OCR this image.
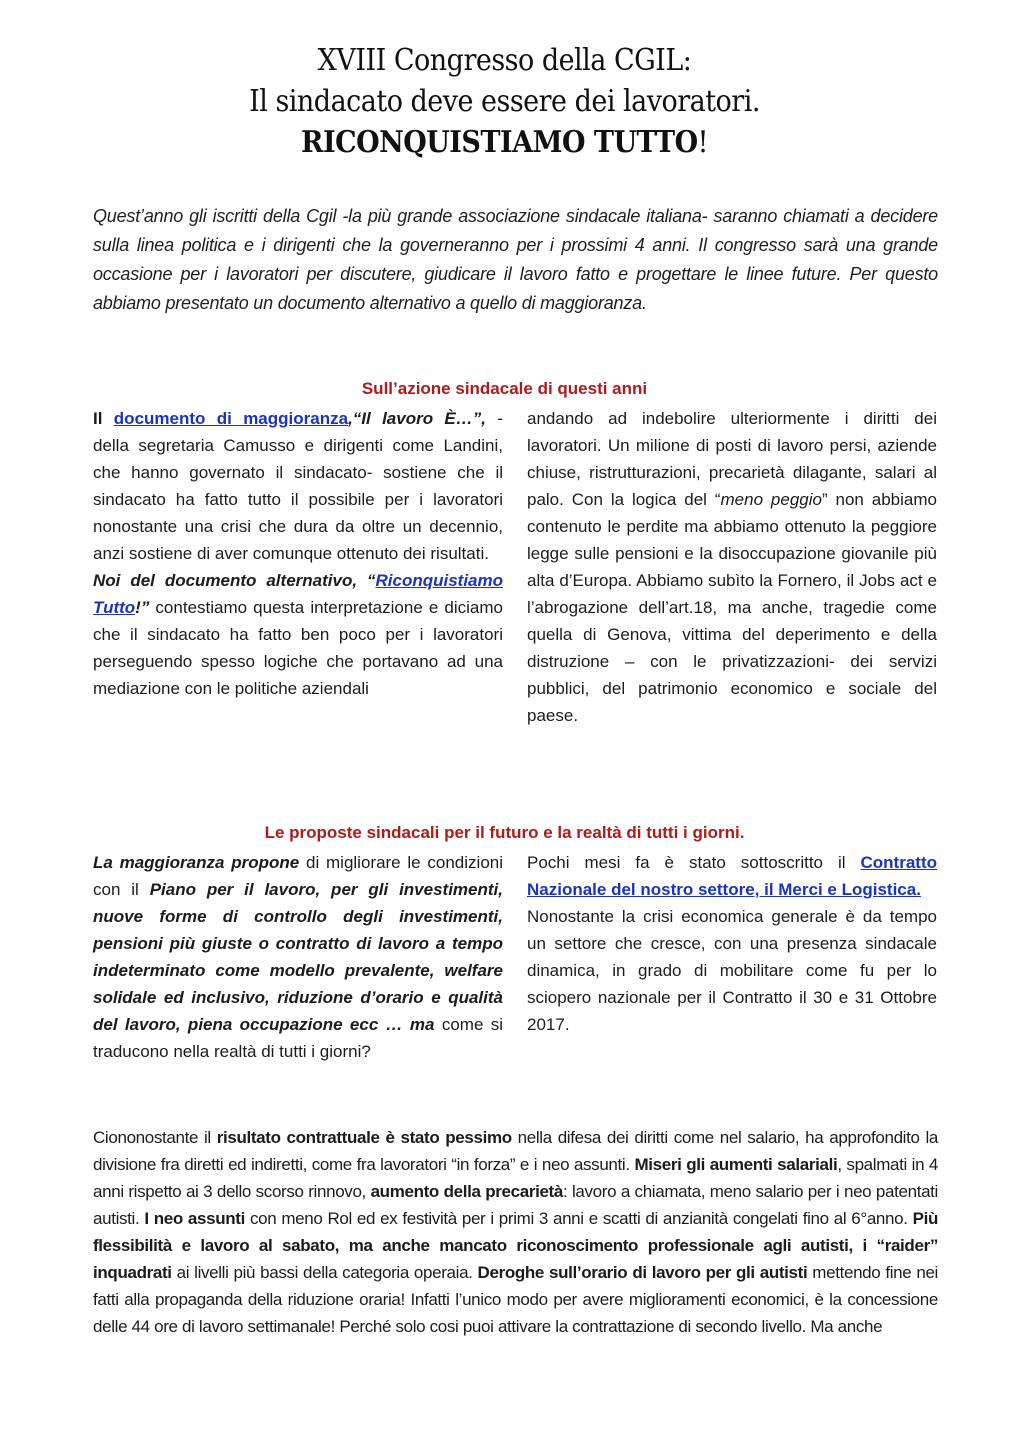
XVIII Congresso della CGIL:
Il sindacato deve essere dei lavoratori.
RICONQUISTIAMO TUTTO!
Quest’anno gli iscritti della Cgil -la più grande associazione sindacale italiana- saranno chiamati a decidere sulla linea politica e i dirigenti che la governeranno per i prossimi 4 anni. Il congresso sarà una grande occasione per i lavoratori per discutere, giudicare il lavoro fatto e progettare le linee future. Per questo abbiamo presentato un documento alternativo a quello di maggioranza.
Sull’azione sindacale di questi anni

Il documento di maggioranza,“Il lavoro È…”, - della segretaria Camusso e dirigenti come Landini, che hanno governato il sindacato- sostiene che il sindacato ha fatto tutto il possibile per i lavoratori nonostante una crisi che dura da oltre un decennio, anzi sostiene di aver comunque ottenuto dei risultati.

Noi del documento alternativo, “Riconquistiamo Tutto!” contestiamo questa interpretazione e diciamo che il sindacato ha fatto ben poco per i lavoratori perseguendo spesso logiche che portavano ad una mediazione con le politiche aziendali

andando ad indebolire ulteriormente i diritti dei lavoratori. Un milione di posti di lavoro persi, aziende chiuse, ristrutturazioni, precarietà dilagante, salari al palo. Con la logica del “meno peggio” non abbiamo contenuto le perdite ma abbiamo ottenuto la peggiore legge sulle pensioni e la disoccupazione giovanile più alta d’Europa. Abbiamo subìto la Fornero, il Jobs act e l’abrogazione dell’art.18, ma anche, tragedie come quella di Genova, vittima del deperimento e della distruzione – con le privatizzazioni- dei servizi pubblici, del patrimonio economico e sociale del paese.

Le proposte sindacali per il futuro e la realtà di tutti i giorni.

La maggioranza propone di migliorare le condizioni con il Piano per il lavoro, per gli investimenti, nuove forme di controllo degli investimenti, pensioni più giuste o contratto di lavoro a tempo indeterminato come modello prevalente, welfare solidale ed inclusivo, riduzione d’orario e qualità del lavoro, piena occupazione ecc … ma come si traducono nella realtà di tutti i giorni?

Pochi mesi fa è stato sottoscritto il Contratto Nazionale del nostro settore, il Merci e Logistica.

Nonostante la crisi economica generale è da tempo un settore che cresce, con una presenza sindacale dinamica, in grado di mobilitare come fu per lo sciopero nazionale per il Contratto il 30 e 31 Ottobre 2017.

Ciononostante il risultato contrattuale è stato pessimo nella difesa dei diritti come nel salario, ha approfondito la divisione fra diretti ed indiretti, come fra lavoratori “in forza” e i neo assunti. Miseri gli aumenti salariali, spalmati in 4 anni rispetto ai 3 dello scorso rinnovo, aumento della precarietà: lavoro a chiamata, meno salario per i neo patentati autisti. I neo assunti con meno Rol ed ex festività per i primi 3 anni e scatti di anzianità congelati fino al 6°anno. Più flessibilità e lavoro al sabato, ma anche mancato riconoscimento professionale agli autisti, i “raider” inquadrati ai livelli più bassi della categoria operaia. Deroghe sull’orario di lavoro per gli autisti mettendo fine nei fatti alla propaganda della riduzione oraria! Infatti l’unico modo per avere miglioramenti economici, è la concessione delle 44 ore di lavoro settimanale! Perché solo cosi puoi attivare la contrattazione di secondo livello. Ma anche
